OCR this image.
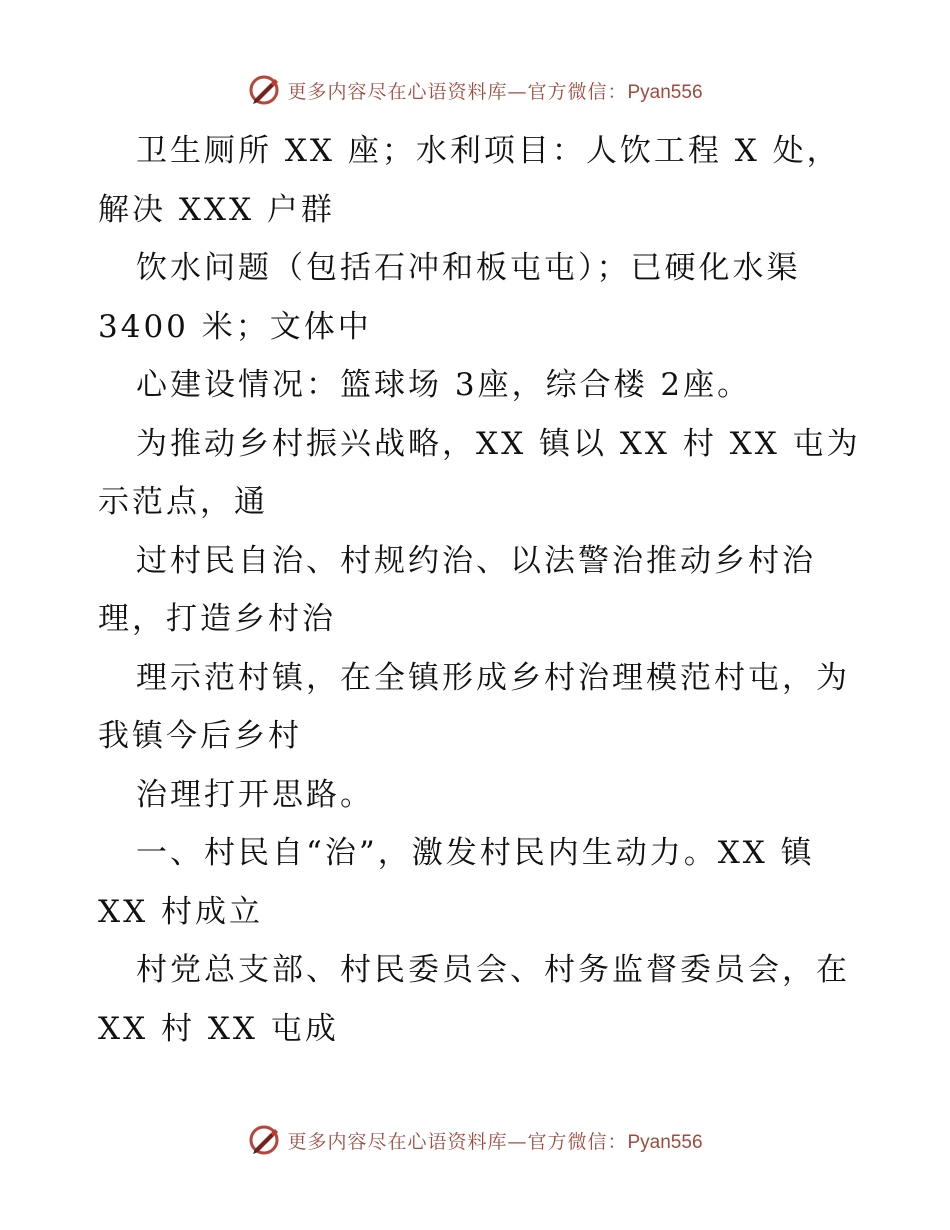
更多内容尽在心语资料库—官方微信：Pyan556
卫生厕所 XX 座；水利项目：人饮工程 X 处，
解决 XXX 户群
饮水问题（包括石冲和板屯屯）；已硬化水渠
3400 米；文体中
心建设情况：篮球场 3座，综合楼 2座。
为推动乡村振兴战略，XX 镇以 XX 村 XX 屯为
示范点，通
过村民自治、村规约治、以法警治推动乡村治
理，打造乡村治
理示范村镇，在全镇形成乡村治理模范村屯，为
我镇今后乡村
治理打开思路。
一、村民自“治”，激发村民内生动力。XX 镇
XX 村成立
村党总支部、村民委员会、村务监督委员会，在
XX 村 XX 屯成
更多内容尽在心语资料库—官方微信：Pyan556
